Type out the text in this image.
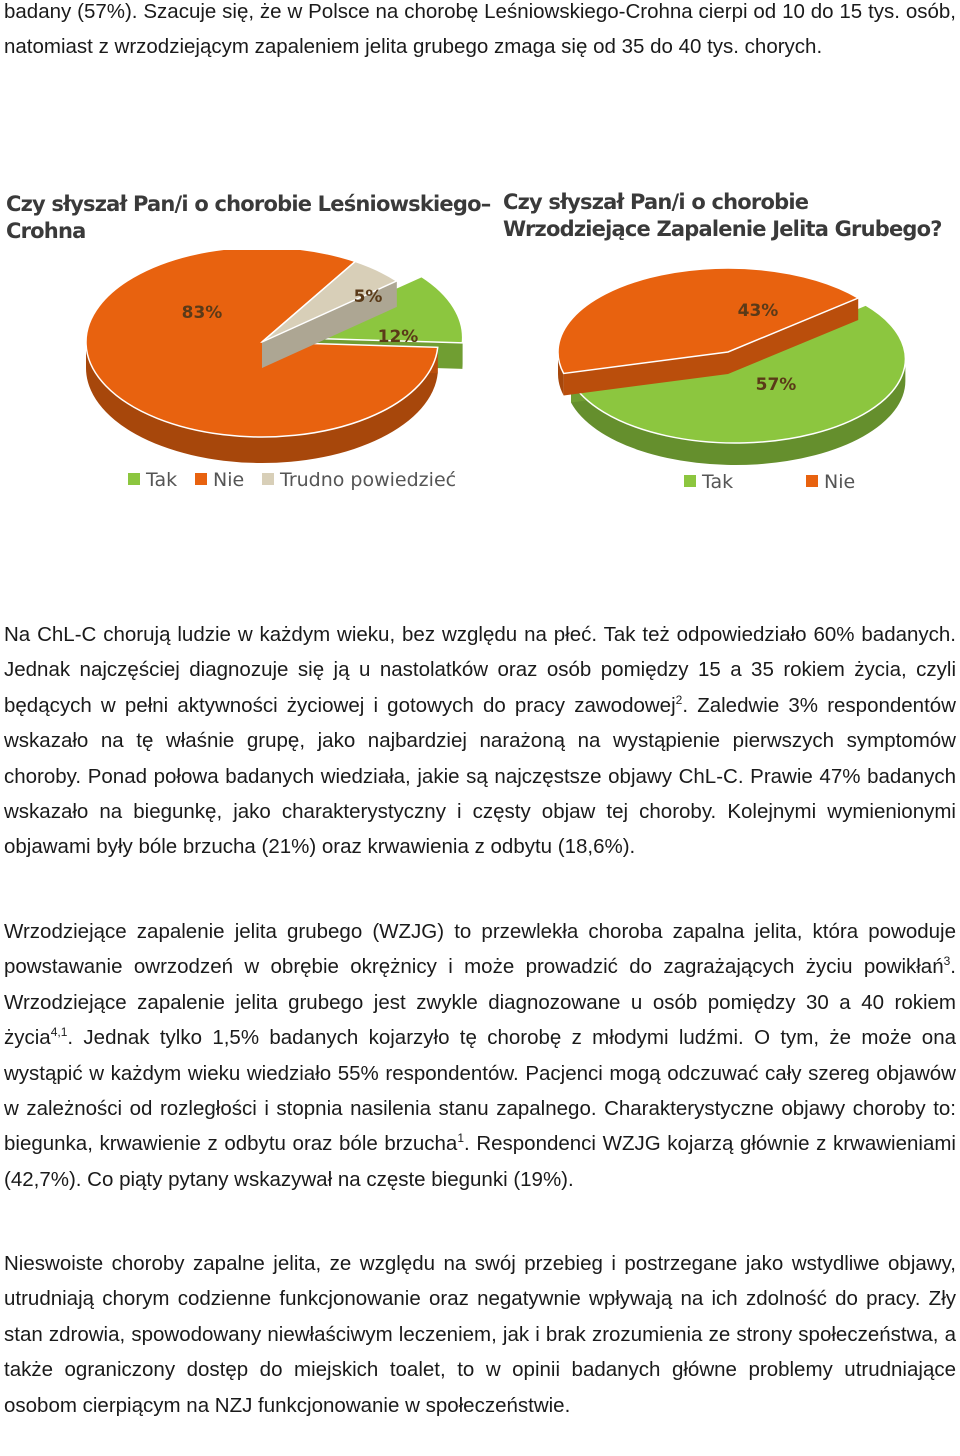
badany (57%). Szacuje się, że w Polsce na chorobę Leśniowskiego-Crohna cierpi od 10 do 15 tys. osób, natomiast z wrzodziejącym zapaleniem jelita grubego zmaga się od 35 do 40 tys. chorych.

Czy słyszał Pan/i o chorobie Leśniowskiego– Crohna

Czy słyszał Pan/i o chorobie Wrzodziejące Zapalenie Jelita Grubego?

12%
83%
5%
Tak Nie Trudno powiedzieć
57%
43%
Tak	Nie

Na ChL-C chorują ludzie w każdym wieku, bez względu na płeć. Tak też odpowiedziało 60% badanych. Jednak najczęściej diagnozuje się ją u nastolatków oraz osób pomiędzy 15 a 35 rokiem życia, czyli będących w pełni aktywności życiowej i gotowych do pracy zawodowej$^2$. Zaledwie 3% respondentów wskazało na tę właśnie grupę, jako najbardziej narażoną na wystąpienie pierwszych symptomów choroby. Ponad połowa badanych wiedziała, jakie są najczęstsze objawy ChL-C. Prawie 47% badanych wskazało na biegunkę, jako charakterystyczny i częsty objaw tej choroby. Kolejnymi wymienionymi objawami były bóle brzucha (21%) oraz krwawienia z odbytu (18,6%).

Wrzodziejące zapalenie jelita grubego (WZJG) to przewlekła choroba zapalna jelita, która powoduje powstawanie owrzodzeń w obrębie okrężnicy i może prowadzić do zagrażających życiu powikłań$^3$. Wrzodziejące zapalenie jelita grubego jest zwykle diagnozowane u osób pomiędzy 30 a 40 rokiem życia$^{4,1}$. Jednak tylko 1,5% badanych kojarzyło tę chorobę z młodymi ludźmi. O tym, że może ona wystąpić w każdym wieku wiedziało 55% respondentów. Pacjenci mogą odczuwać cały szereg objawów w zależności od rozległości i stopnia nasilenia stanu zapalnego. Charakterystyczne objawy choroby to: biegunka, krwawienie z odbytu oraz bóle brzucha$^1$. Respondenci WZJG kojarzą głównie z krwawieniami (42,7%). Co piąty pytany wskazywał na częste biegunki (19%).

Nieswoiste choroby zapalne jelita, ze względu na swój przebieg i postrzegane jako wstydliwe objawy, utrudniają chorym codzienne funkcjonowanie oraz negatywnie wpływają na ich zdolność do pracy. Zły stan zdrowia, spowodowany niewłaściwym leczeniem, jak i brak zrozumienia ze strony społeczeństwa, a także ograniczony dostęp do miejskich toalet, to w opinii badanych główne problemy utrudniające osobom cierpiącym na NZJ funkcjonowanie w społeczeństwie.
